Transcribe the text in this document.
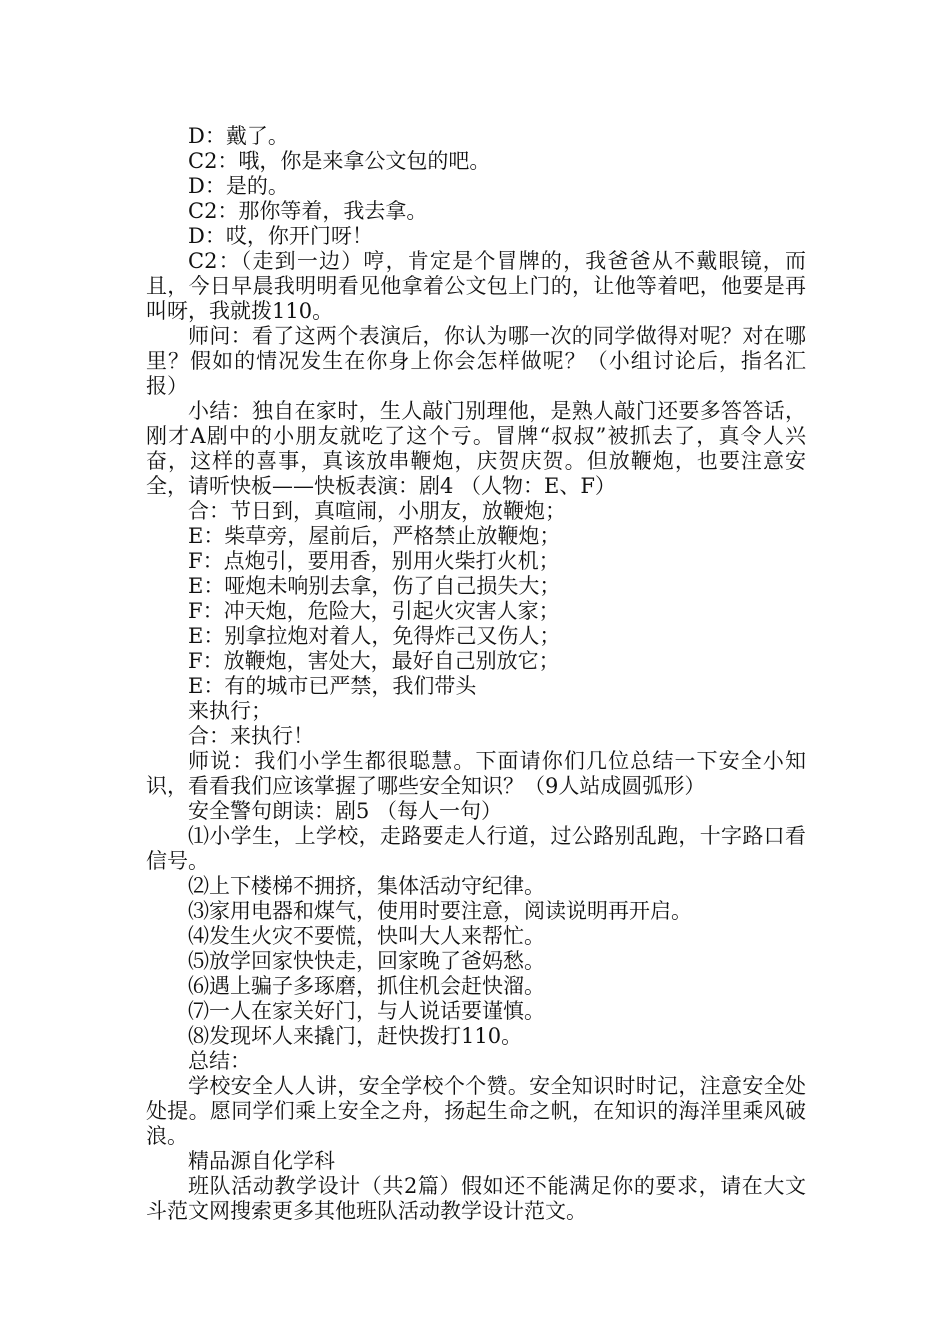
D：戴了。

C2：哦，你是来拿公文包的吧。

D：是的。

C2：那你等着，我去拿。

D：哎，你开门呀！

C2：（走到一边）哼，肯定是个冒牌的，我爸爸从不戴眼镜，而且，今日早晨我明明看见他拿着公文包上门的，让他等着吧，他要是再叫呀，我就拨110。

师问：看了这两个表演后，你认为哪一次的同学做得对呢？对在哪里？假如的情况发生在你身上你会怎样做呢？（小组讨论后，指名汇报）

小结：独自在家时，生人敲门别理他，是熟人敲门还要多答答话，刚才A剧中的小朋友就吃了这个亏。冒牌“叔叔”被抓去了，真令人兴奋，这样的喜事，真该放串鞭炮，庆贺庆贺。但放鞭炮，也要注意安全，请听快板——快板表演：剧4 （人物：E、F）

合：节日到，真喧闹，小朋友，放鞭炮；

E：柴草旁，屋前后，严格禁止放鞭炮；

F：点炮引，要用香，别用火柴打火机；

E：哑炮未响别去拿，伤了自己损失大；

F：冲天炮，危险大，引起火灾害人家；

E：别拿拉炮对着人，免得炸己又伤人；

F：放鞭炮，害处大，最好自己别放它；

E：有的城市已严禁，我们带头

来执行；

合：来执行！

师说：我们小学生都很聪慧。下面请你们几位总结一下安全小知识，看看我们应该掌握了哪些安全知识？（9人站成圆弧形）

安全警句朗读：剧5 （每人一句）

⑴小学生，上学校，走路要走人行道，过公路别乱跑，十字路口看信号。

⑵上下楼梯不拥挤，集体活动守纪律。

⑶家用电器和煤气，使用时要注意，阅读说明再开启。

⑷发生火灾不要慌，快叫大人来帮忙。

⑸放学回家快快走，回家晚了爸妈愁。

⑹遇上骗子多琢磨，抓住机会赶快溜。

⑺一人在家关好门，与人说话要谨慎。

⑻发现坏人来撬门，赶快拨打110。

总结：

学校安全人人讲，安全学校个个赞。安全知识时时记，注意安全处处提。愿同学们乘上安全之舟，扬起生命之帆，在知识的海洋里乘风破浪。

精品源自化学科

班队活动教学设计（共2篇）假如还不能满足你的要求，请在大文斗范文网搜索更多其他班队活动教学设计范文。
